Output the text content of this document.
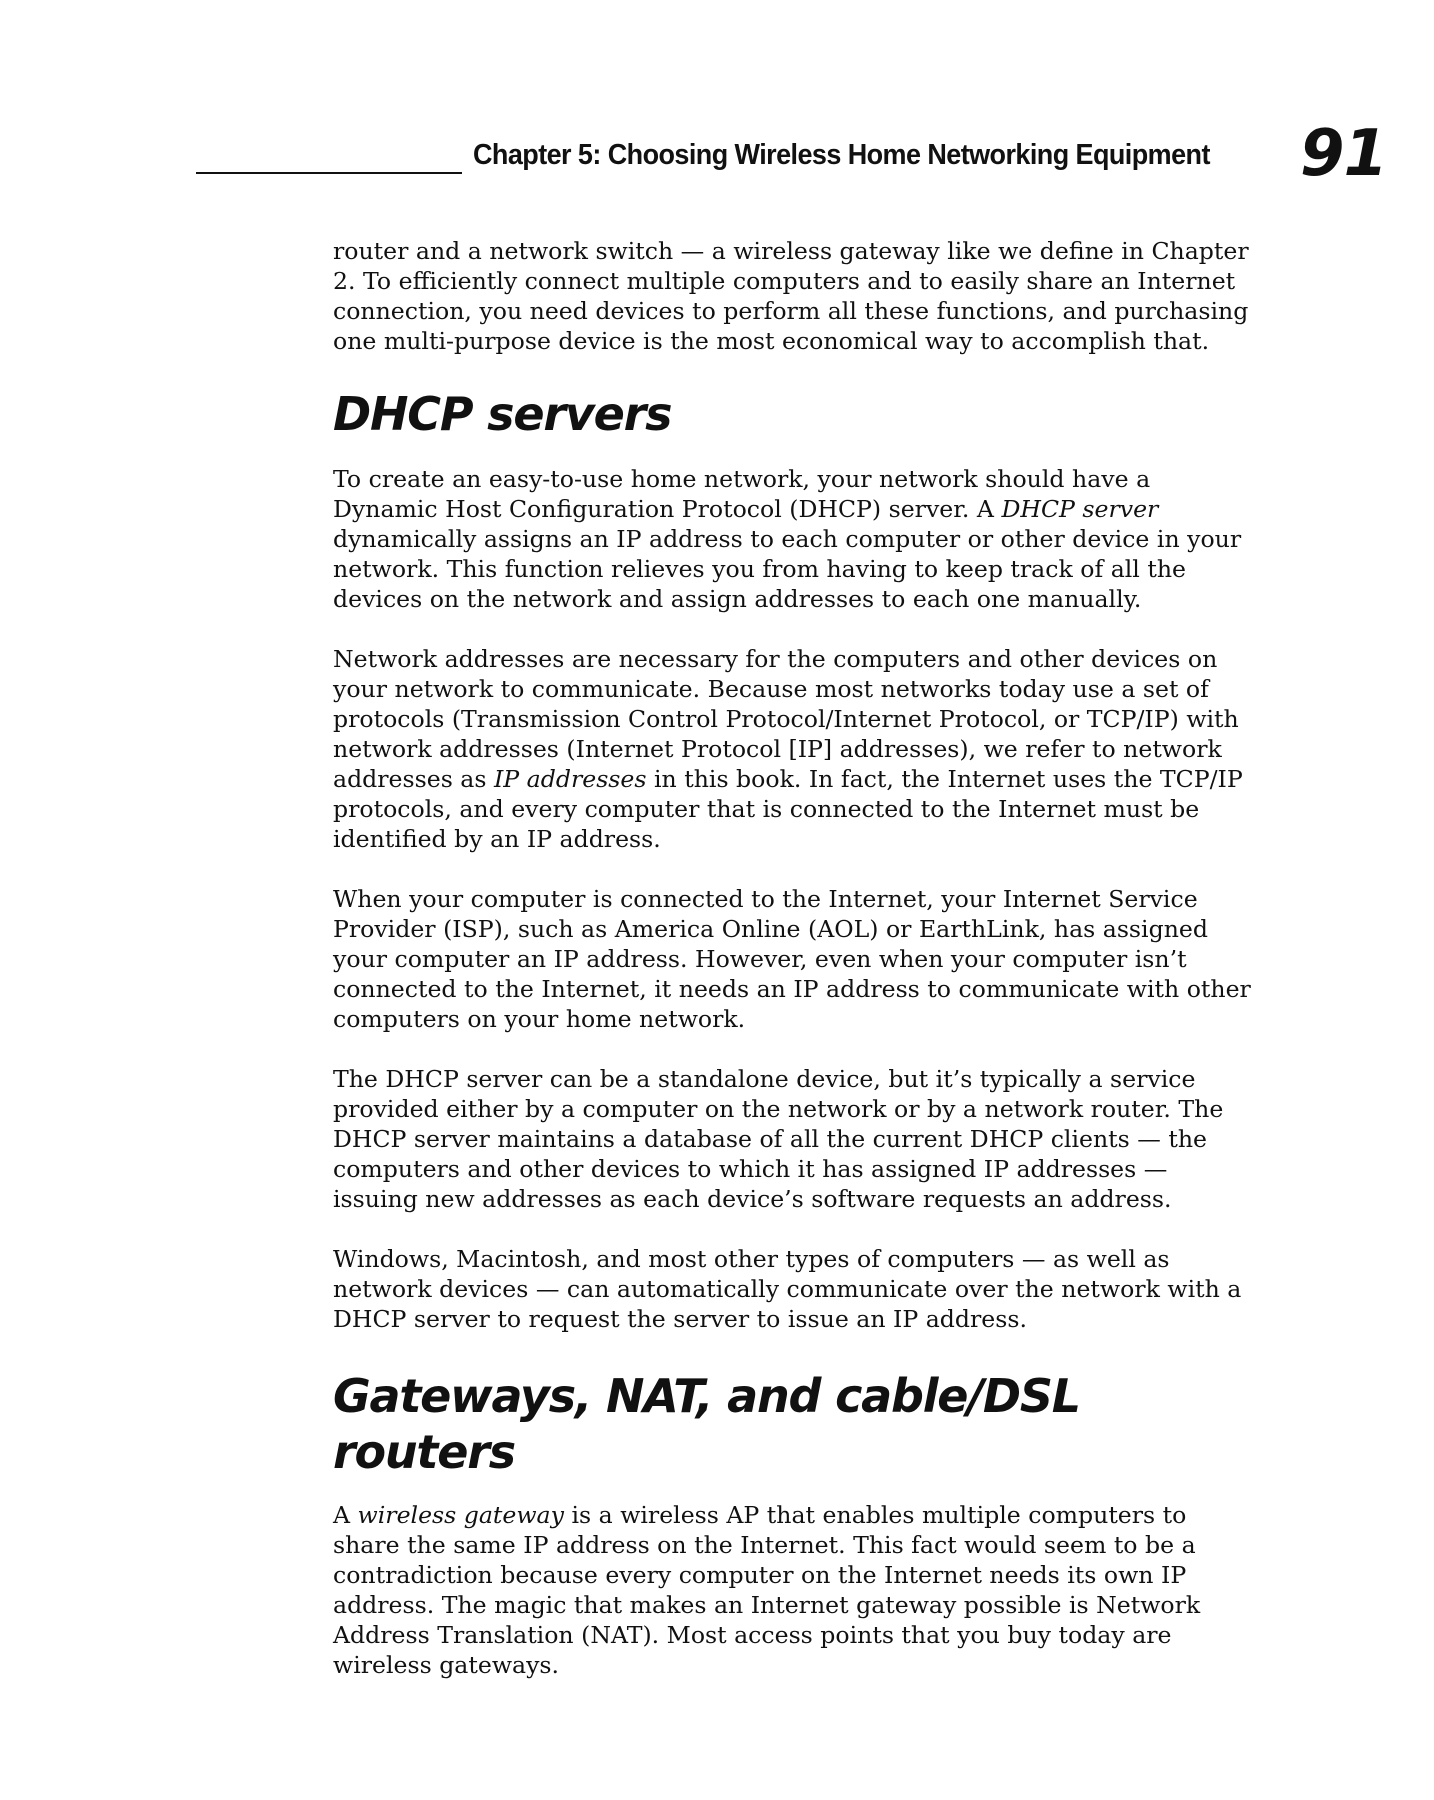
Chapter 5: Choosing Wireless Home Networking Equipment 91

router and a network switch — a wireless gateway like we define in Chapter 2. To efficiently connect multiple computers and to easily share an Internet connection, you need devices to perform all these functions, and purchasing one multi-purpose device is the most economical way to accomplish that.

DHCP servers

To create an easy-to-use home network, your network should have a Dynamic Host Configuration Protocol (DHCP) server. A DHCP server dynamically assigns an IP address to each computer or other device in your network. This function relieves you from having to keep track of all the devices on the network and assign addresses to each one manually.

Network addresses are necessary for the computers and other devices on your network to communicate. Because most networks today use a set of protocols (Transmission Control Protocol/Internet Protocol, or TCP/IP) with network addresses (Internet Protocol [IP] addresses), we refer to network addresses as IP addresses in this book. In fact, the Internet uses the TCP/IP protocols, and every computer that is connected to the Internet must be identified by an IP address.

When your computer is connected to the Internet, your Internet Service Provider (ISP), such as America Online (AOL) or EarthLink, has assigned your computer an IP address. However, even when your computer isn’t connected to the Internet, it needs an IP address to communicate with other computers on your home network.

The DHCP server can be a standalone device, but it’s typically a service provided either by a computer on the network or by a network router. The DHCP server maintains a database of all the current DHCP clients — the computers and other devices to which it has assigned IP addresses — issuing new addresses as each device’s software requests an address.

Windows, Macintosh, and most other types of computers — as well as network devices — can automatically communicate over the network with a DHCP server to request the server to issue an IP address.

Gateways, NAT, and cable/DSL routers

A wireless gateway is a wireless AP that enables multiple computers to share the same IP address on the Internet. This fact would seem to be a contradiction because every computer on the Internet needs its own IP address. The magic that makes an Internet gateway possible is Network Address Translation (NAT). Most access points that you buy today are wireless gateways.
